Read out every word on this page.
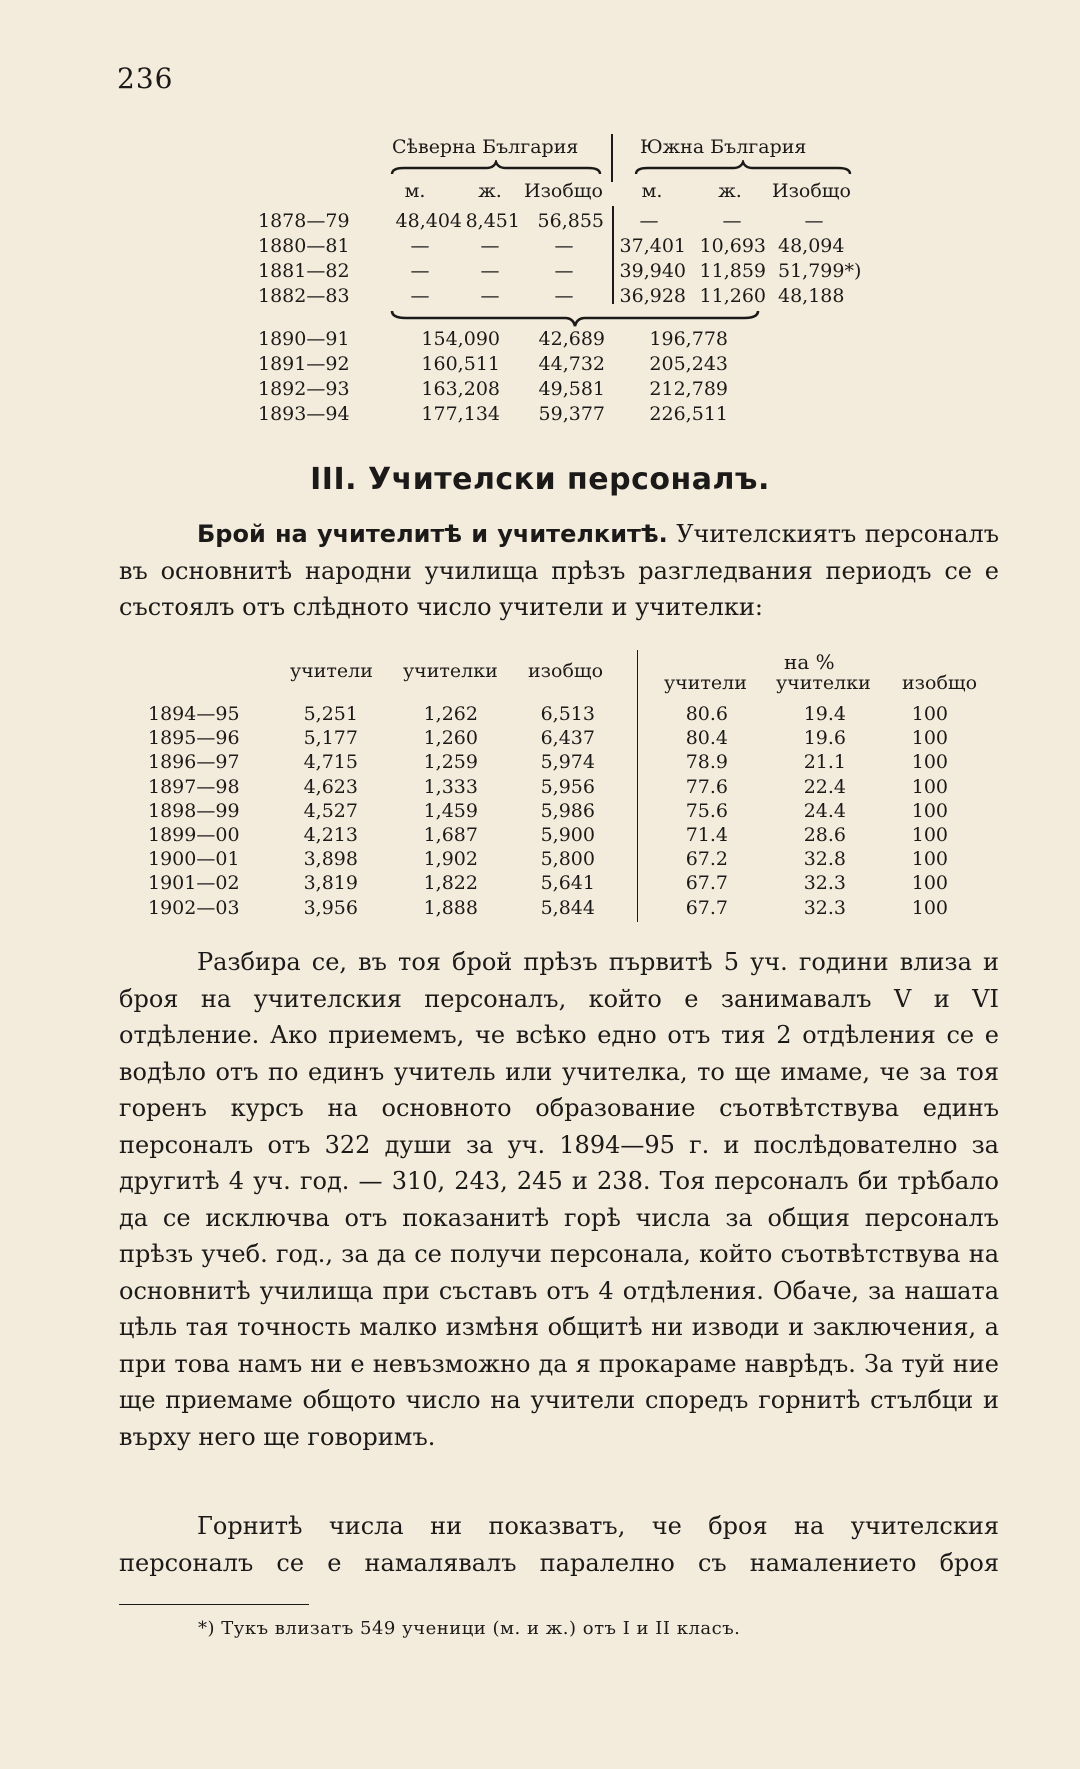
236
Сѣверна България	Южна България
м.	ж.	Изобщо	м.	ж.	Изобщо
1878—79	48,404 8,451 56,855	—	—	—
1880—81	—	—	—	37,401 10,693 48,094
1881—82	—	—	—	39,940 11,859 51,799*)
1882—83	—	—	—	36,928 11,260 48,188
1890—91	154,090	42,689	196,778
1891—92	160,511	44,732	205,243
1892—93	163,208	49,581	212,789
1893—94	177,134	59,377	226,511
III. Учителски персоналъ.
Брой на учителитѣ и учителкитѣ. Учителскиятъ персоналъ въ основнитѣ народни училища прѣзъ разгледвания периодъ се е състоялъ отъ слѣдното число учители и учителки:
учители учителки изобщо	на %
учители учителки изобщо
1894—95	5,251	1,262	6,513	80.6	19.4	100
1895—96	5,177	1,260	6,437	80.4	19.6	100
1896—97	4,715	1,259	5,974	78.9	21.1	100
1897—98	4,623	1,333	5,956	77.6	22.4	100
1898—99	4,527	1,459	5,986	75.6	24.4	100
1899—00	4,213	1,687	5,900	71.4	28.6	100
1900—01	3,898	1,902	5,800	67.2	32.8	100
1901—02	3,819	1,822	5,641	67.7	32.3	100
1902—03	3,956	1,888	5,844	67.7	32.3	100
Разбира се, въ тоя брой прѣзъ първитѣ 5 уч. години влиза и броя на учителския персоналъ, който е занимавалъ V и VI отдѣление. Ако приемемъ, че всѣко едно отъ тия 2 отдѣления се е водѣло отъ по единъ учитель или учителка, то ще имаме, че за тоя горенъ курсъ на основното образование съотвѣтствува единъ персоналъ отъ 322 души за уч. 1894—95 г. и послѣдователно за другитѣ 4 уч. год. — 310, 243, 245 и 238. Тоя персоналъ би трѣбало да се исключва отъ показанитѣ горѣ числа за общия персоналъ прѣзъ учеб. год., за да се получи персонала, който съотвѣтствува на основнитѣ училища при съставъ отъ 4 отдѣления. Обаче, за нашата цѣль тая точность малко измѣня общитѣ ни изводи и заключения, а при това намъ ни е невъзможно да я прокараме наврѣдъ. За туй ние ще приемаме общото число на учители споредъ горнитѣ стълбци и върху него ще говоримъ.
Горнитѣ числа ни показватъ, че броя на учителския персоналъ се е намалявалъ паралелно съ намалението броя
*) Тукъ влизатъ 549 ученици (м. и ж.) отъ I и II класъ.
